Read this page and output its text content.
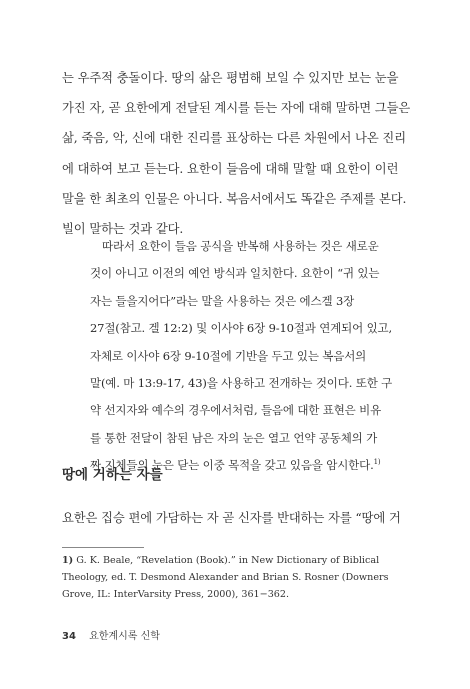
는 우주적 충돌이다. 땅의 삶은 평범해 보일 수 있지만 보는 눈을
가진 자, 곧 요한에게 전달된 계시를 듣는 자에 대해 말하면 그들은
삶, 죽음, 악, 신에 대한 진리를 표상하는 다른 차원에서 나온 진리
에 대하여 보고 듣는다. 요한이 들음에 대해 말할 때 요한이 이런
말을 한 최초의 인물은 아니다. 복음서에서도 똑같은 주제를 본다.
빌이 말하는 것과 같다.

따라서 요한이 들음 공식을 반복해 사용하는 것은 새로운
것이 아니고 이전의 예언 방식과 일치한다. 요한이 “귀 있는
자는 들을지어다”라는 말을 사용하는 것은 에스겔 3장
27절(참고. 겔 12:2) 및 이사야 6장 9-10절과 연계되어 있고,
자체로 이사야 6장 9-10절에 기반을 두고 있는 복음서의
말(예. 마 13:9-17, 43)을 사용하고 전개하는 것이다. 또한 구
약 선지자와 예수의 경우에서처럼, 들음에 대한 표현은 비유
를 통한 전달이 참된 남은 자의 눈은 열고 언약 공동체의 가
짜 지체들의 눈은 닫는 이중 목적을 갖고 있음을 암시한다.$^{1)}$

땅에 거하는 자들

요한은 집승 편에 가담하는 자 곧 신자를 반대하는 자를 “땅에 거

1) G. K. Beale, “Revelation (Book).” in New Dictionary of Biblical
Theology, ed. T. Desmond Alexander and Brian S. Rosner (Downers
Grove, IL: InterVarsity Press, 2000), 361−362.

34 요한계시록 신학
